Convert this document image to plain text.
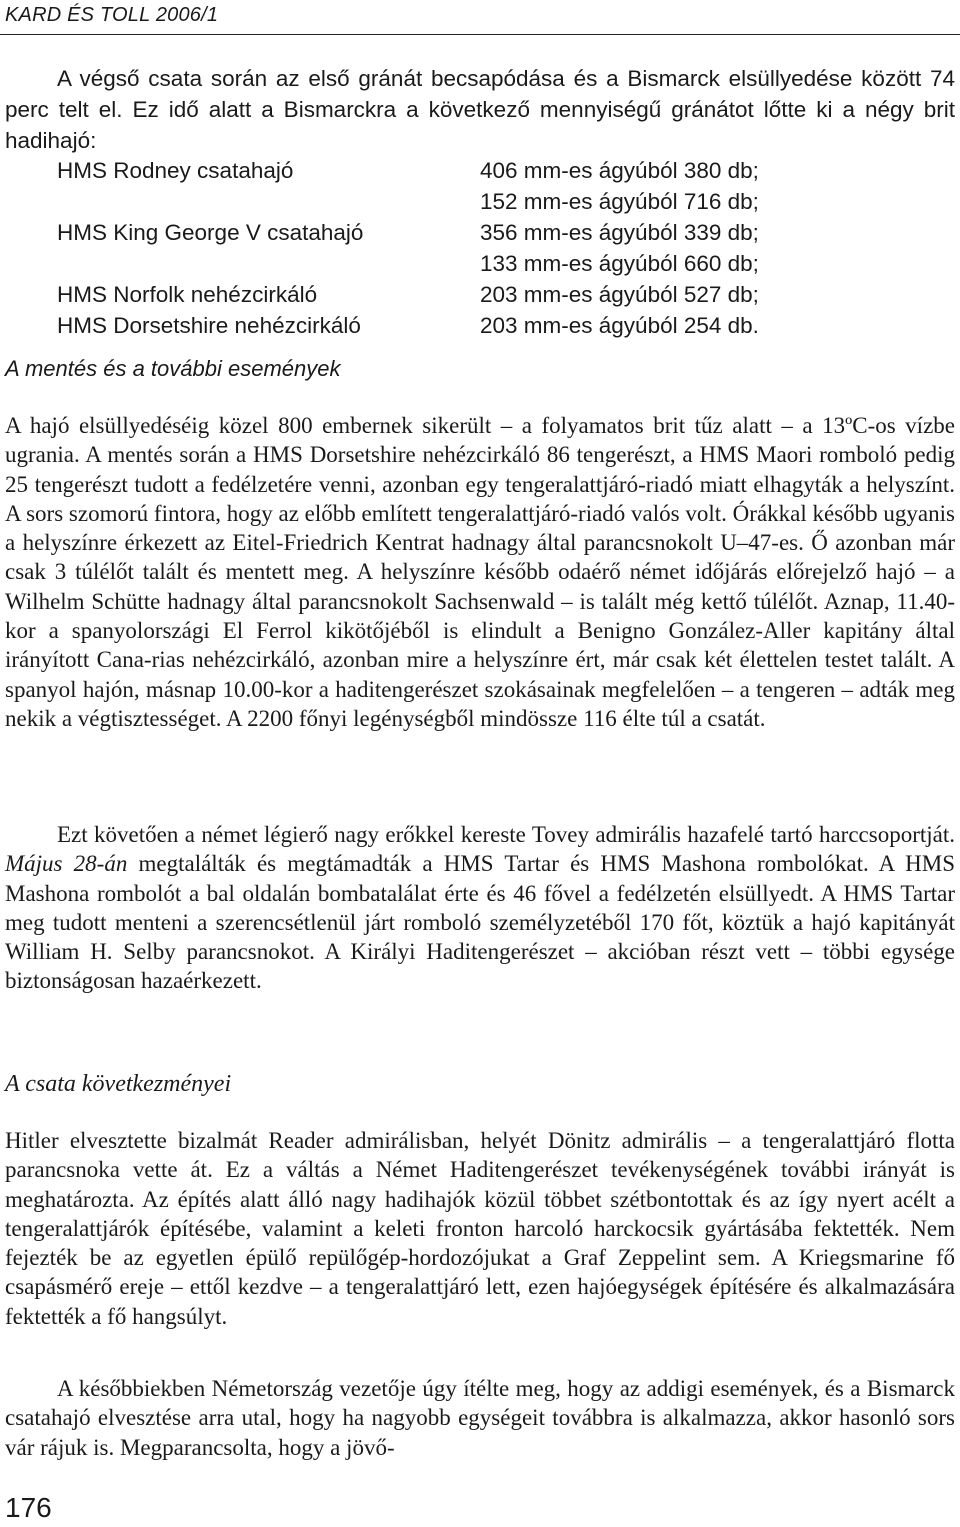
KARD ÉS TOLL 2006/1

A végső csata során az első gránát becsapódása és a Bismarck elsüllyedése között 74 perc telt el. Ez idő alatt a Bismarckra a következő mennyiségű gránátot lőtte ki a négy brit hadihajó:

HMS Rodney csatahajó	406 mm-es ágyúból 380 db;
152 mm-es ágyúból 716 db;
HMS King George V csatahajó	356 mm-es ágyúból 339 db;
133 mm-es ágyúból 660 db;
HMS Norfolk nehézcirkáló	203 mm-es ágyúból 527 db;
HMS Dorsetshire nehézcirkáló	203 mm-es ágyúból 254 db.
A mentés és a további események

A hajó elsüllyedéséig közel 800 embernek sikerült – a folyamatos brit tűz alatt – a 13ºC-os vízbe ugrania. A mentés során a HMS Dorsetshire nehézcirkáló 86 tengerészt, a HMS Maori romboló pedig 25 tengerészt tudott a fedélzetére venni, azonban egy tengeralattjáró-riadó miatt elhagyták a helyszínt. A sors szomorú fintora, hogy az előbb említett tengeralattjáró-riadó valós volt. Órákkal később ugyanis a helyszínre érkezett az Eitel-Friedrich Kentrat hadnagy által parancsnokolt U–47-es. Ő azonban már csak 3 túlélőt talált és mentett meg. A helyszínre később odaérő német időjárás előrejelző hajó – a Wilhelm Schütte hadnagy által parancsnokolt Sachsenwald – is talált még kettő túlélőt. Aznap, 11.40-kor a spanyolországi El Ferrol kikötőjéből is elindult a Benigno González-Aller kapitány által irányított Cana-rias nehézcirkáló, azonban mire a helyszínre ért, már csak két élettelen testet talált. A spanyol hajón, másnap 10.00-kor a haditengerészet szokásainak megfelelően – a tengeren – adták meg nekik a végtisztességet. A 2200 főnyi legénységből mindössze 116 élte túl a csatát.

Ezt követően a német légierő nagy erőkkel kereste Tovey admirális hazafelé tartó harccsoportját. Május 28-án megtalálták és megtámadták a HMS Tartar és HMS Mashona rombolókat. A HMS Mashona rombolót a bal oldalán bombatalálat érte és 46 fővel a fedélzetén elsüllyedt. A HMS Tartar meg tudott menteni a szerencsétlenül járt romboló személyzetéből 170 főt, köztük a hajó kapitányát William H. Selby parancsnokot. A Királyi Haditengerészet – akcióban részt vett – többi egysége biztonságosan hazaérkezett.

A csata következményei

Hitler elvesztette bizalmát Reader admirálisban, helyét Dönitz admirális – a tengeralattjáró flotta parancsnoka vette át. Ez a váltás a Német Haditengerészet tevékenységének további irányát is meghatározta. Az építés alatt álló nagy hadihajók közül többet szétbontottak és az így nyert acélt a tengeralattjárók építésébe, valamint a keleti fronton harcoló harckocsik gyártásába fektették. Nem fejezték be az egyetlen épülő repülőgép-hordozójukat a Graf Zeppelint sem. A Kriegsmarine fő csapásmérő ereje – ettől kezdve – a tengeralattjáró lett, ezen hajóegységek építésére és alkalmazására fektették a fő hangsúlyt.

A későbbiekben Németország vezetője úgy ítélte meg, hogy az addigi események, és a Bismarck csatahajó elvesztése arra utal, hogy ha nagyobb egységeit továbbra is alkalmazza, akkor hasonló sors vár rájuk is. Megparancsolta, hogy a jövő-

176
